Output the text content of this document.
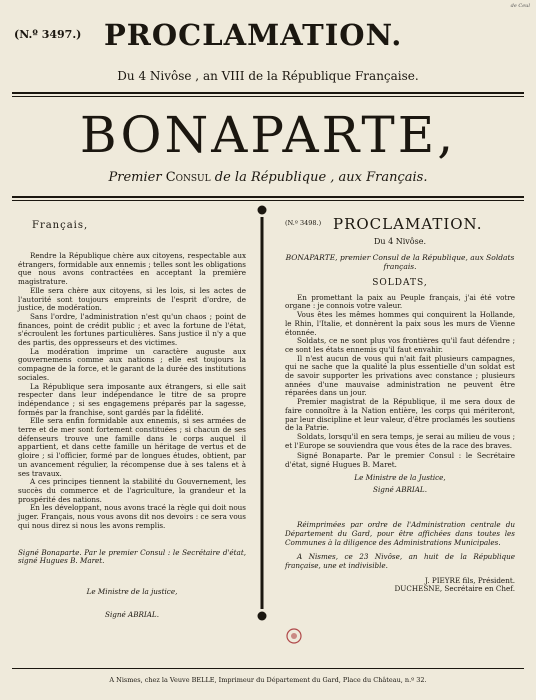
de Ceul
(N.º 3497.) PROCLAMATION.
Du 4 Nivôse , an VIII de la République Française.
BONAPARTE,
Premier Consul de la République , aux Français.
Français,

Rendre la République chère aux citoyens, respectable aux étrangers, formidable aux ennemis ; telles sont les obligations que nous avons contractées en acceptant la première magistrature.

Elle sera chère aux citoyens, si les lois, si les actes de l'autorité sont toujours empreints de l'esprit d'ordre, de justice, de modération.

Sans l'ordre, l'administration n'est qu'un chaos ; point de finances, point de crédit public ; et avec la fortune de l'état, s'écroulent les fortunes particulières. Sans justice il n'y a que des partis, des oppresseurs et des victimes.

La modération imprime un caractère auguste aux gouvernemens comme aux nations ; elle est toujours la compagne de la force, et le garant de la durée des institutions sociales.

La République sera imposante aux étrangers, si elle sait respecter dans leur indépendance le titre de sa propre indépendance ; si ses engagemens préparés par la sagesse, formés par la franchise, sont gardés par la fidélité.

Elle sera enfin formidable aux ennemis, si ses armées de terre et de mer sont fortement constituées ; si chacun de ses défenseurs trouve une famille dans le corps auquel il appartient, et dans cette famille un héritage de vertus et de gloire ; si l'officier, formé par de longues études, obtient, par un avancement régulier, la récompense due à ses talens et à ses travaux.

A ces principes tiennent la stabilité du Gouvernement, les succès du commerce et de l'agriculture, la grandeur et la prospérité des nations.

En les développant, nous avons tracé la règle qui doit nous juger. Français, nous vous avons dit nos devoirs : ce sera vous qui nous direz si nous les avons remplis.

Signé Bonaparte. Par le premier Consul : le Secrétaire d'état, signé Hugues B. Maret.

Le Ministre de la justice,

Signé ABRIAL.

(N.º 3498.) PROCLAMATION.
Du 4 Nivôse.
BONAPARTE, premier Consul de la République, aux Soldats français.
SOLDATS,

En promettant la paix au Peuple français, j'ai été votre organe : je connois votre valeur.

Vous êtes les mêmes hommes qui conquirent la Hollande, le Rhin, l'Italie, et donnèrent la paix sous les murs de Vienne étonnée.

Soldats, ce ne sont plus vos frontières qu'il faut défendre ; ce sont les états ennemis qu'il faut envahir.

Il n'est aucun de vous qui n'ait fait plusieurs campagnes, qui ne sache que la qualité la plus essentielle d'un soldat est de savoir supporter les privations avec constance ; plusieurs années d'une mauvaise administration ne peuvent être réparées dans un jour.

Premier magistrat de la République, il me sera doux de faire connoître à la Nation entière, les corps qui mériteront, par leur discipline et leur valeur, d'être proclamés les soutiens de la Patrie.

Soldats, lorsqu'il en sera temps, je serai au milieu de vous ; et l'Europe se souviendra que vous êtes de la race des braves.

Signé Bonaparte. Par le premier Consul : le Secrétaire d'état, signé Hugues B. Maret.

Le Ministre de la Justice,

Signé ABRIAL.

Réimprimées par ordre de l'Administration centrale du Département du Gard, pour être affichées dans toutes les Communes à la diligence des Administrations Municipales.

A Nismes, ce 23 Nivôse, an huit de la République française, une et indivisible.

J. PIEYRE fils, Président.

DUCHESNE, Secrétaire en Chef.

A Nismes, chez la Veuve BELLE, Imprimeur du Département du Gard, Place du Château, n.º 32.
